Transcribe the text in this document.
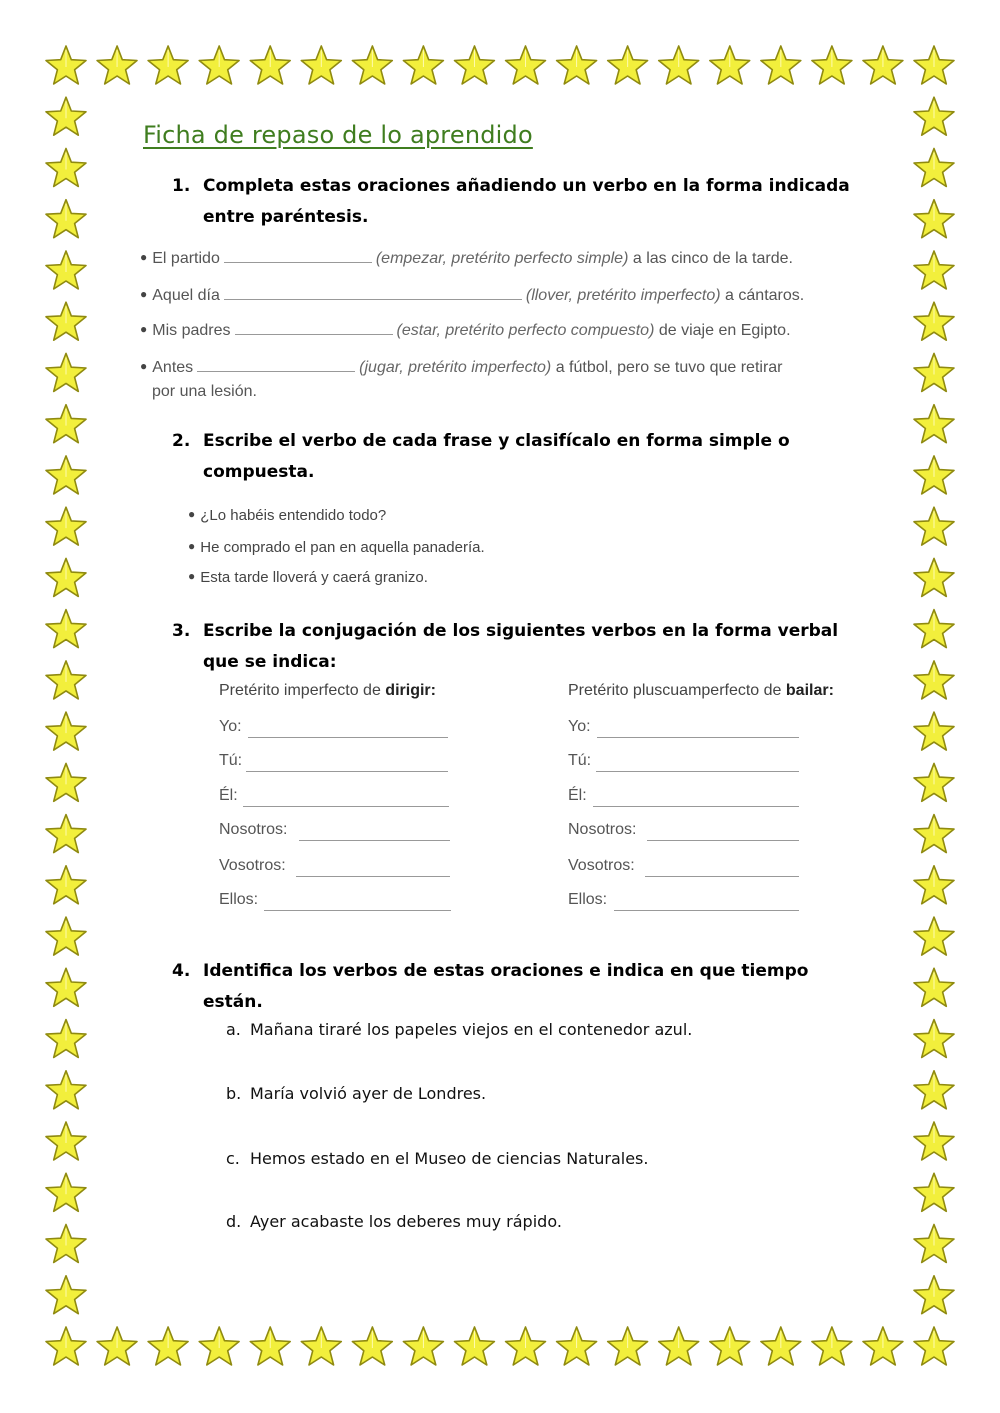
Ficha de repaso de lo aprendido
1. Completa estas oraciones añadiendo un verbo en la forma indicada entre paréntesis.
● El partido	(empezar, pretérito perfecto simple) a las cinco de la tarde.
● Aquel día	(llover, pretérito imperfecto) a cántaros.
● Mis padres	(estar, pretérito perfecto compuesto) de viaje en Egipto.
● Antes	(jugar, pretérito imperfecto) a fútbol, pero se tuvo que retirar
por una lesión.
2. Escribe el verbo de cada frase y clasifícalo en forma simple o compuesta.
● ¿Lo habéis entendido todo?
● He comprado el pan en aquella panadería.
● Esta tarde lloverá y caerá granizo.
3. Escribe la conjugación de los siguientes verbos en la forma verbal que se indica:
Pretérito imperfecto de dirigir:	Pretérito pluscuamperfecto de bailar:
Yo:
Tú:
Él:
Nosotros:
Vosotros:
Ellos:
Yo:
Tú:
Él:
Nosotros:
Vosotros:
Ellos:
4. Identifica los verbos de estas oraciones e indica en que tiempo están.
a. Mañana tiraré los papeles viejos en el contenedor azul.
b. María volvió ayer de Londres.
c. Hemos estado en el Museo de ciencias Naturales.
d. Ayer acabaste los deberes muy rápido.
